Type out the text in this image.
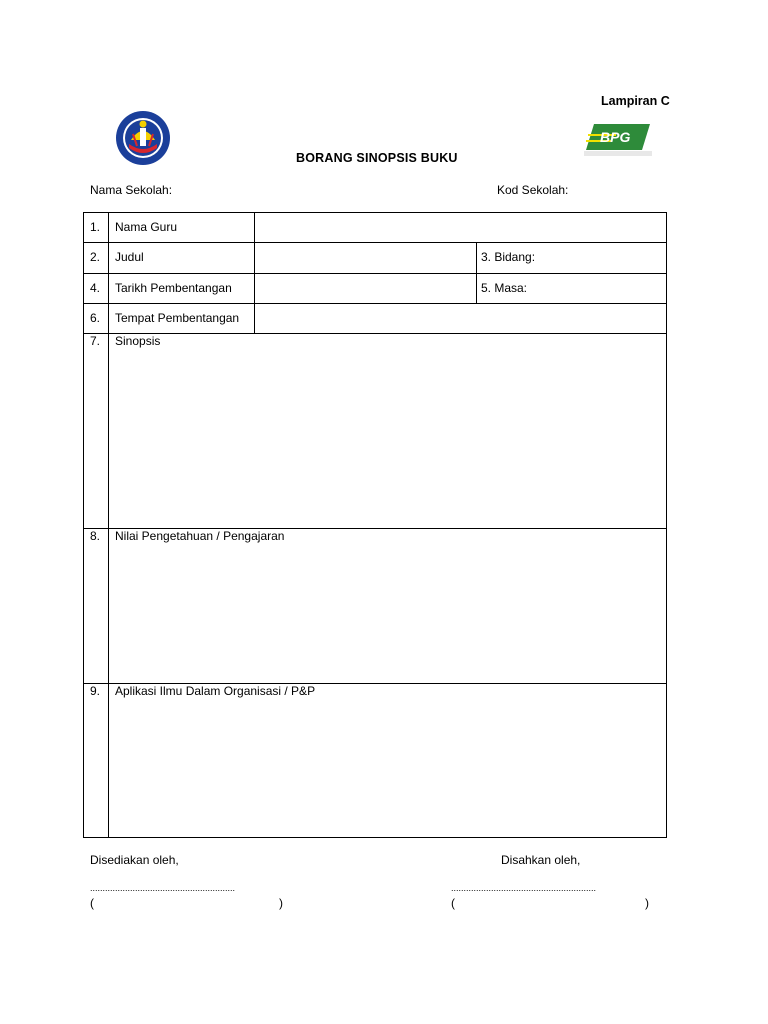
Lampiran C
BPG
BORANG SINOPSIS BUKU
Nama Sekolah:	Kod Sekolah:
1. Nama Guru
2. Judul	3. Bidang:
4. Tarikh Pembentangan	5. Masa:
6. Tempat Pembentangan
7. Sinopsis
8. Nilai Pengetahuan / Pengajaran
9. Aplikasi Ilmu Dalam Organisasi / P&P
Disediakan oleh,	Disahkan oleh,
..........................................................	..........................................................
(	)	(	)
